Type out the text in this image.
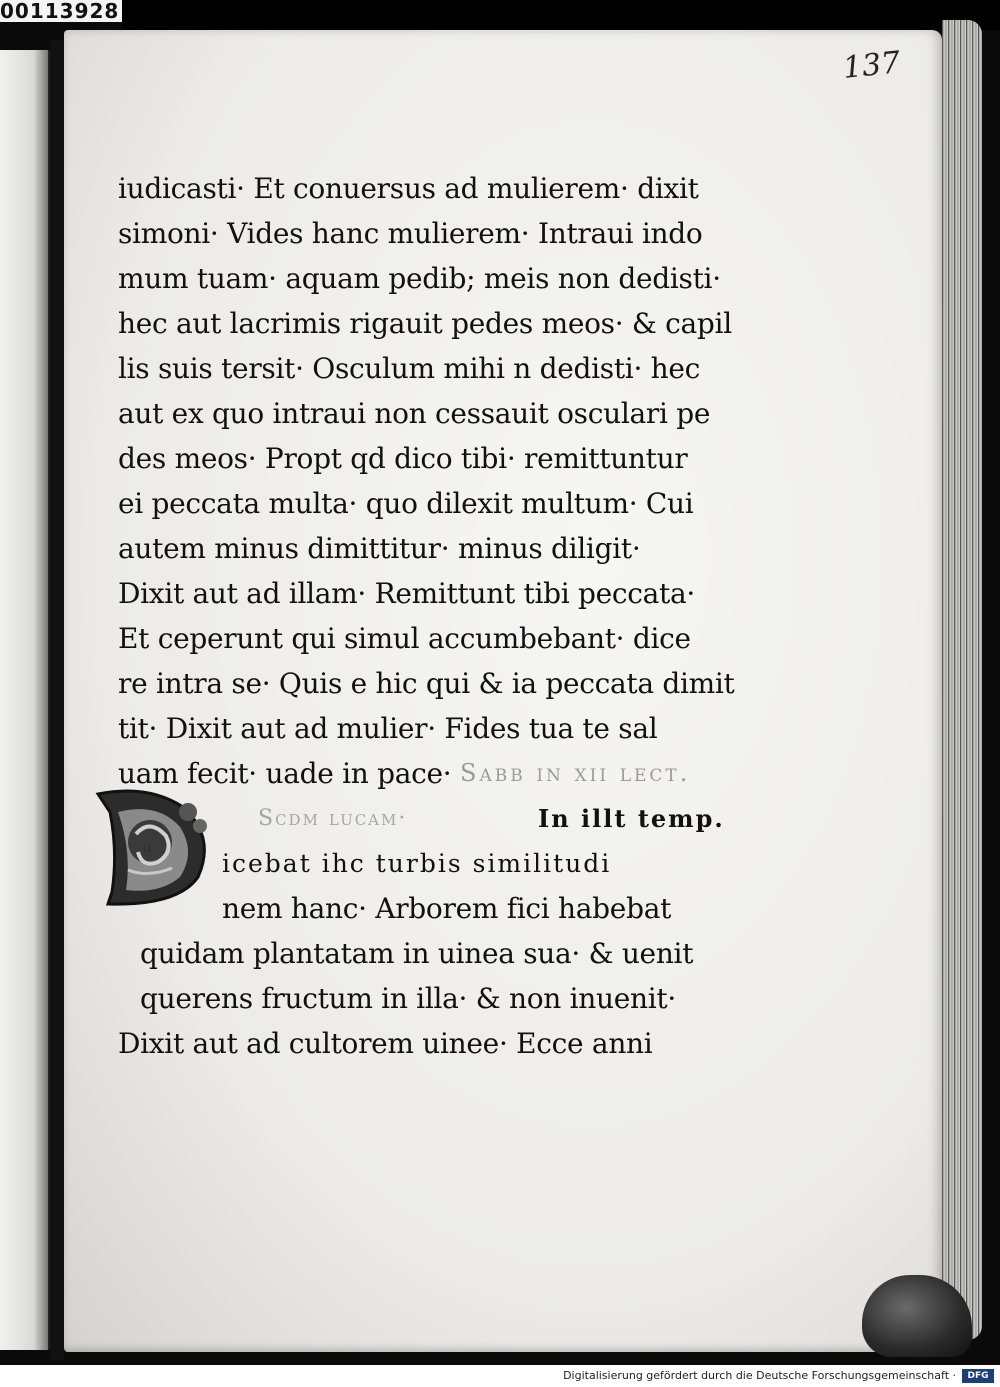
00113928
137
iudicasti· Et conuersus ad mulierem· dixit
simoni· Vides hanc mulierem· Intraui indo
mum tuam· aquam pedib; meis non dedisti·
hec aut lacrimis rigauit pedes meos· & capil
lis suis tersit· Osculum mihi n dedisti· hec
aut ex quo intraui non cessauit osculari pe
des meos· Propt qd dico tibi· remittuntur
ei peccata multa· quo dilexit multum· Cui
autem minus dimittitur· minus diligit·
Dixit aut ad illam· Remittunt tibi peccata·
Et ceperunt qui simul accumbebant· dice
re intra se· Quis e hic qui & ia peccata dimit
tit· Dixit aut ad mulier· Fides tua te sal
uam fecit· uade in pace· Sabb in xii lect.
Scdm lucam·	In illt temp.
icebat ihc turbis similitudi
nem hanc· Arborem fici habebat
quidam plantatam in uinea sua· & uenit
querens fructum in illa· & non inuenit·
Dixit aut ad cultorem uinee· Ecce anni
D
Digitalisierung gefördert durch die Deutsche Forschungsgemeinschaft ·	DFG
